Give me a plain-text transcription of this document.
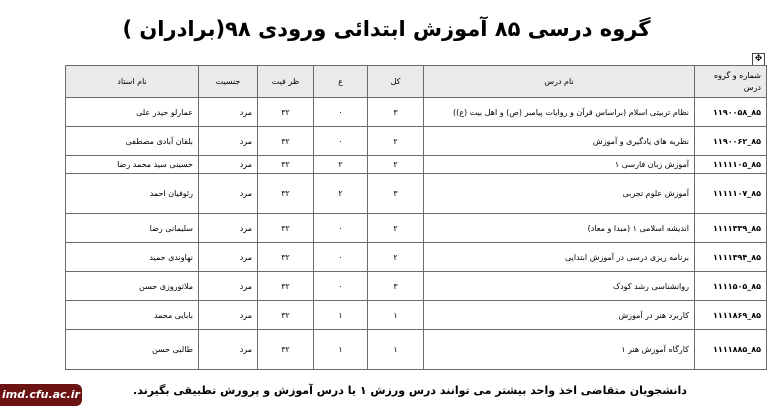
گروه درسی ۸۵ آموزش ابتدائی ورودی ۹۸(برادران )
✥
شماره و گروه درس	نام درس	کل	ع	ظر فیت	جنسیت	نام استاد
۸۵_۱۱۹۰۰۵۸	نظام تربیتی اسلام (براساس قرآن و روایات پیامبر (ص) و اهل بیت (ع))	۳	۰	۳۲	مرد	عمارلو حیدر علی
۸۵_۱۱۹۰۰۶۲	نظریه های یادگیری و آموزش	۲	۰	۳۲	مرد	بلقان آبادی مصطفی
۸۵_۱۱۱۱۱۰۵	آموزش زبان فارسی ۱	۲	۲	۳۲	مرد	حسینی سید محمد رضا
۸۵_۱۱۱۱۱۰۷	آموزش علوم تجربی	۳	۲	۳۲	مرد	رئوفیان احمد
۸۵_۱۱۱۱۳۳۹	اندیشه اسلامی ۱ (مبدا و معاد)	۲	۰	۳۲	مرد	سلیمانی رضا
۸۵_۱۱۱۱۳۹۴	برنامه ریزی درسی در آموزش ابتدایی	۲	۰	۳۲	مرد	نهاوندی حمید
۸۵_۱۱۱۱۵۰۵	روانشناسی رشد کودک	۳	۰	۳۲	مرد	ملاتوروزی حسن
۸۵_۱۱۱۱۸۶۹	کاربرد هنر در آموزش	۱	۱	۳۲	مرد	بابایی محمد
۸۵_۱۱۱۱۸۸۵	کارگاه آموزش هنر ۱	۱	۱	۳۲	مرد	طالبی حسن
دانشجویان متقاضی اخذ واحد بیشتر می توانند درس ورزش ۱ یا درس آموزش و پرورش تطبیقی بگیرند.
imd.cfu.ac.ir
